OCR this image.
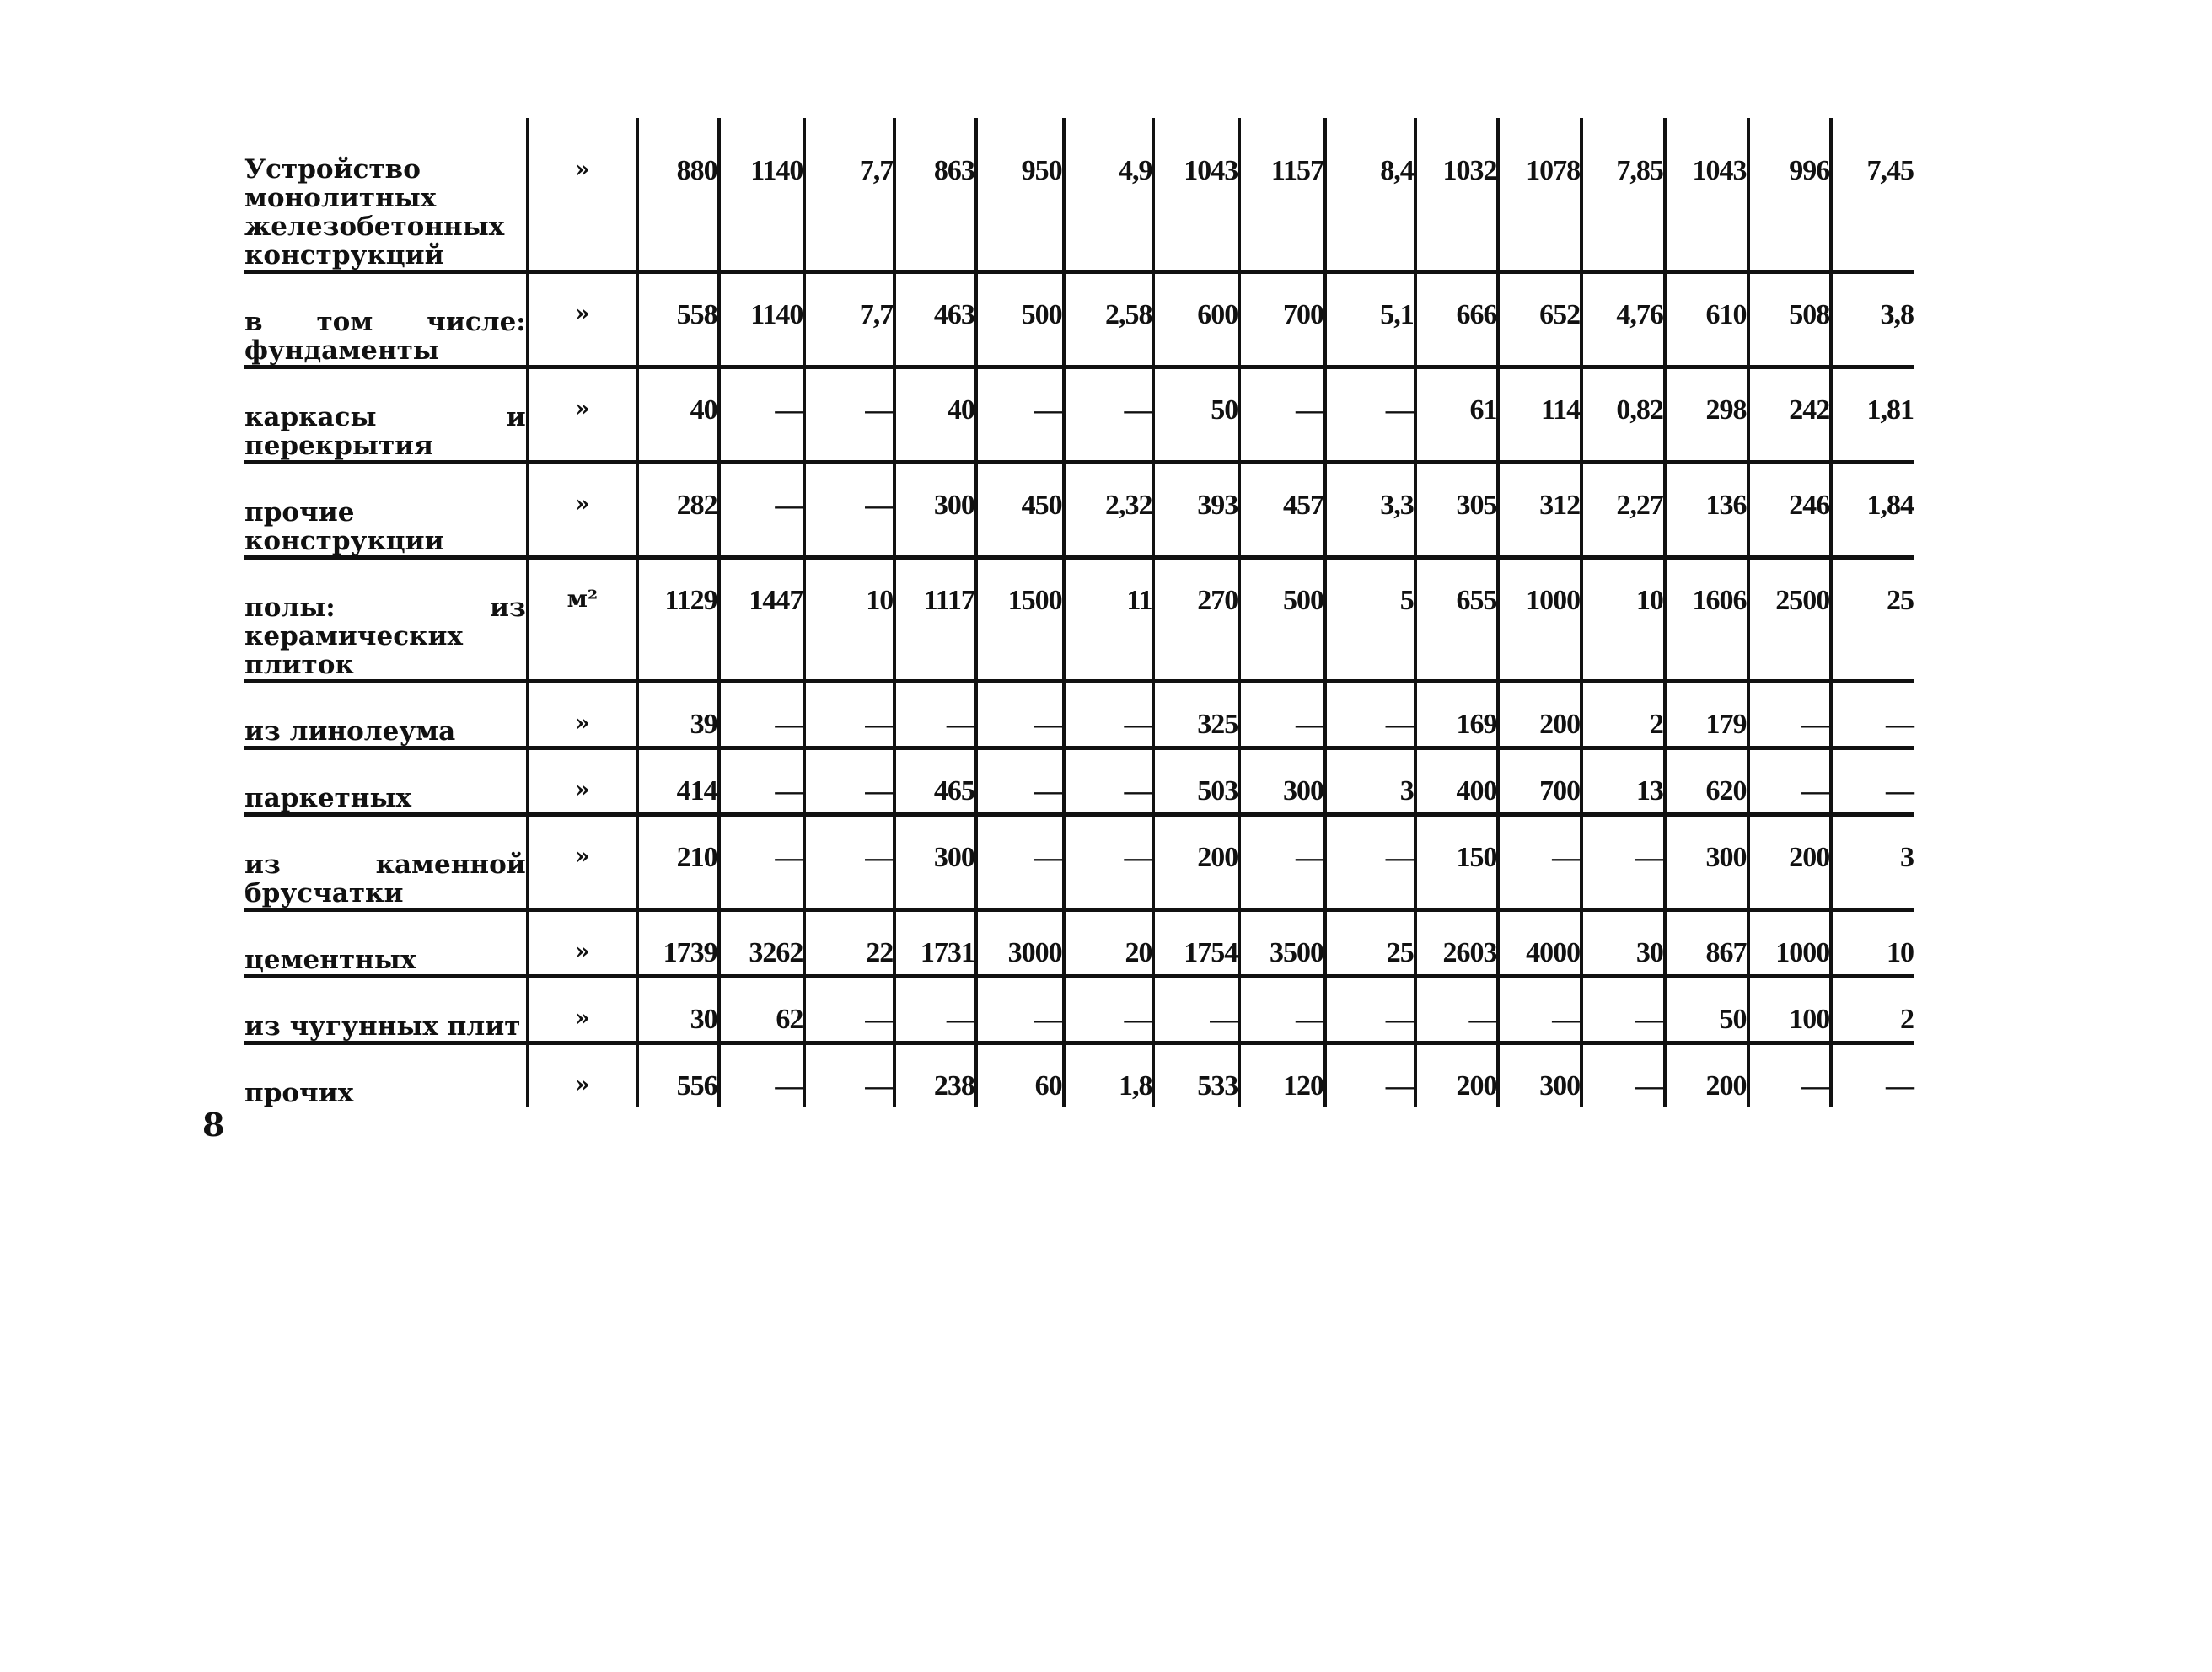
8
Устройство монолитных железобетонных конструкций	»	880	1140	7,7	863	950	4,9	1043	1157	8,4	1032	1078	7,85	1043	996	7,45
в том числе: фундаменты	»	558	1140	7,7	463	500	2,58	600	700	5,1	666	652	4,76	610	508	3,8
каркасы и перекрытия	»	40	—	—	40	—	—	50	—	—	61	114	0,82	298	242	1,81
прочие конструкции	»	282	—	—	300	450	2,32	393	457	3,3	305	312	2,27	136	246	1,84
полы: из керамических плиток	м²	1129	1447	10	1117	1500	11	270	500	5	655	1000	10	1606	2500	25
из линолеума	»	39	—	—	—	—	—	325	—	—	169	200	2	179	—	—
паркетных	»	414	—	—	465	—	—	503	300	3	400	700	13	620	—	—
из каменной брусчатки	»	210	—	—	300	—	—	200	—	—	150	—	—	300	200	3
цементных	»	1739	3262	22	1731	3000	20	1754	3500	25	2603	4000	30	867	1000	10
из чугунных плит	»	30	62	—	—	—	—	—	—	—	—	—	—	50	100	2
прочих	»	556	—	—	238	60	1,8	533	120	—	200	300	—	200	—	—
